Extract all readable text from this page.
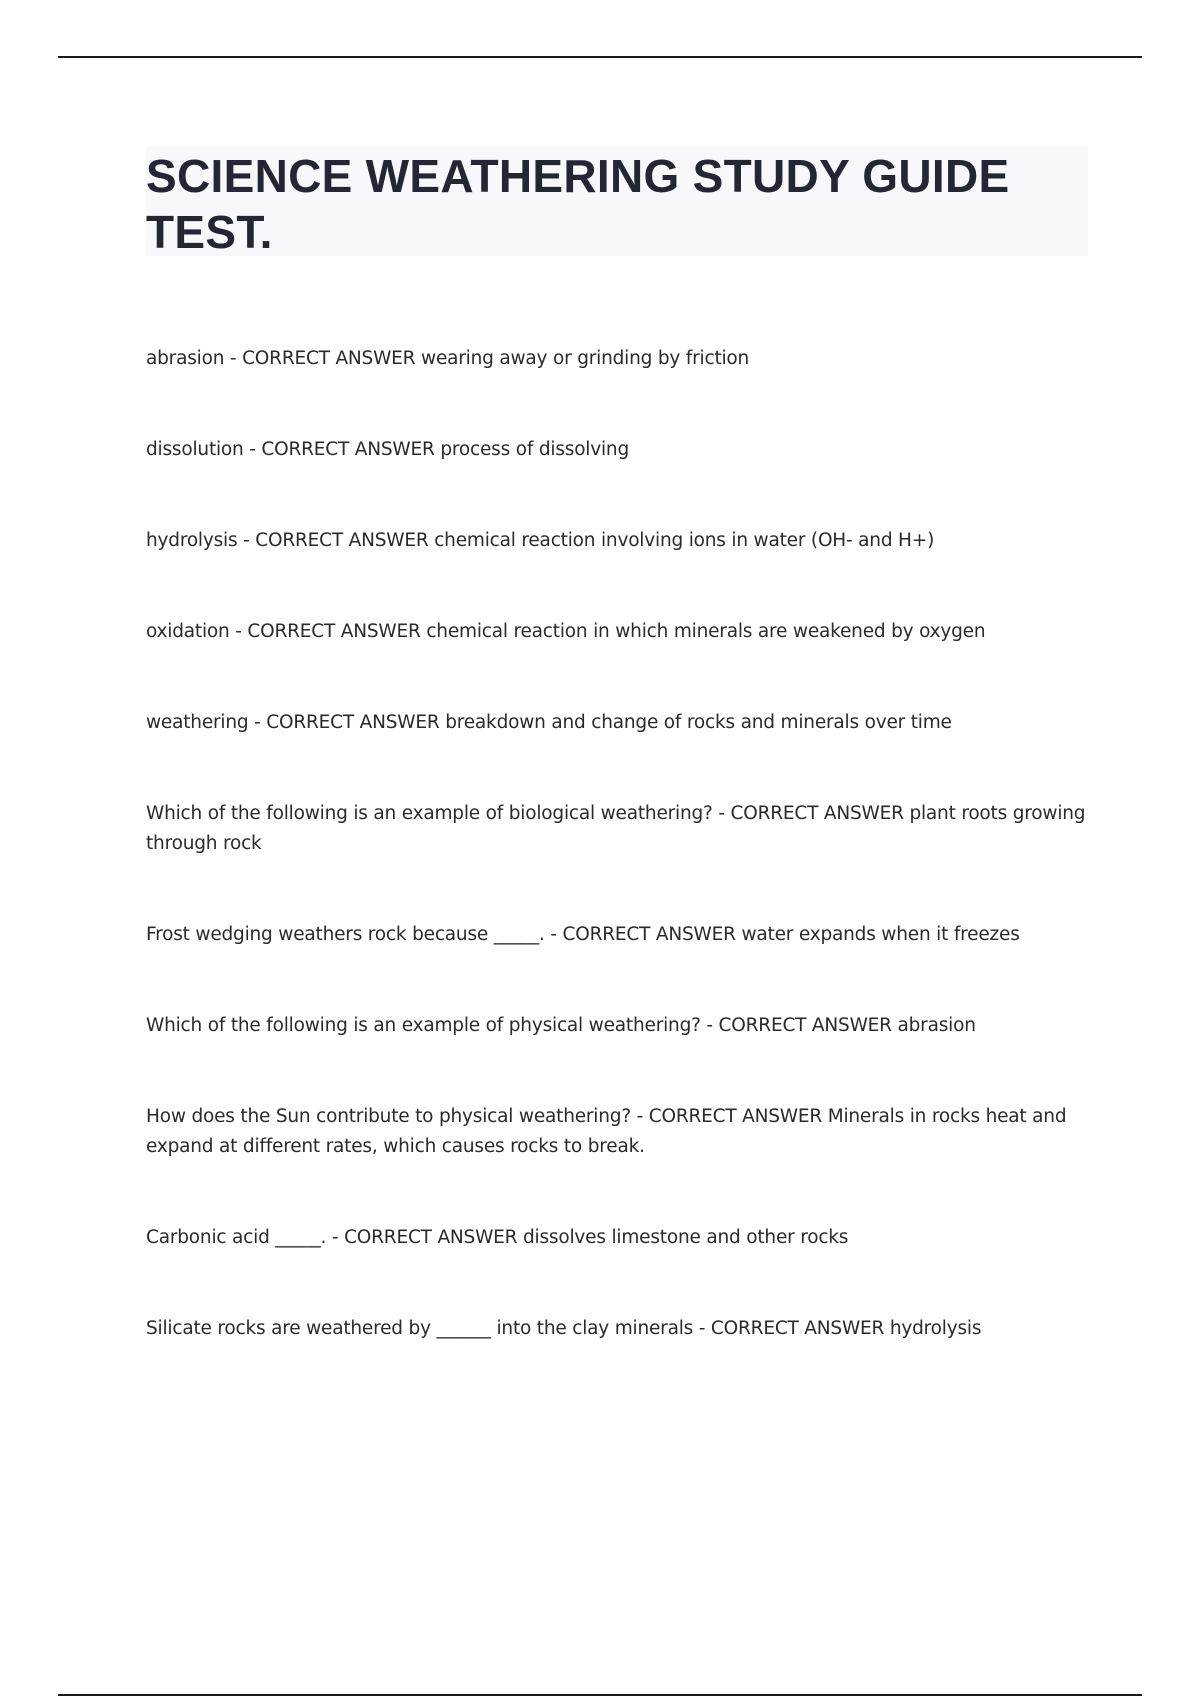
SCIENCE WEATHERING STUDY GUIDE TEST.
abrasion - CORRECT ANSWER wearing away or grinding by friction
dissolution - CORRECT ANSWER process of dissolving
hydrolysis - CORRECT ANSWER chemical reaction involving ions in water (OH- and H+)
oxidation - CORRECT ANSWER chemical reaction in which minerals are weakened by oxygen
weathering - CORRECT ANSWER breakdown and change of rocks and minerals over time
Which of the following is an example of biological weathering? - CORRECT ANSWER plant roots growing through rock
Frost wedging weathers rock because _____. - CORRECT ANSWER water expands when it freezes
Which of the following is an example of physical weathering? - CORRECT ANSWER abrasion
How does the Sun contribute to physical weathering? - CORRECT ANSWER Minerals in rocks heat and expand at different rates, which causes rocks to break.
Carbonic acid _____. - CORRECT ANSWER dissolves limestone and other rocks
Silicate rocks are weathered by ______ into the clay minerals - CORRECT ANSWER hydrolysis
